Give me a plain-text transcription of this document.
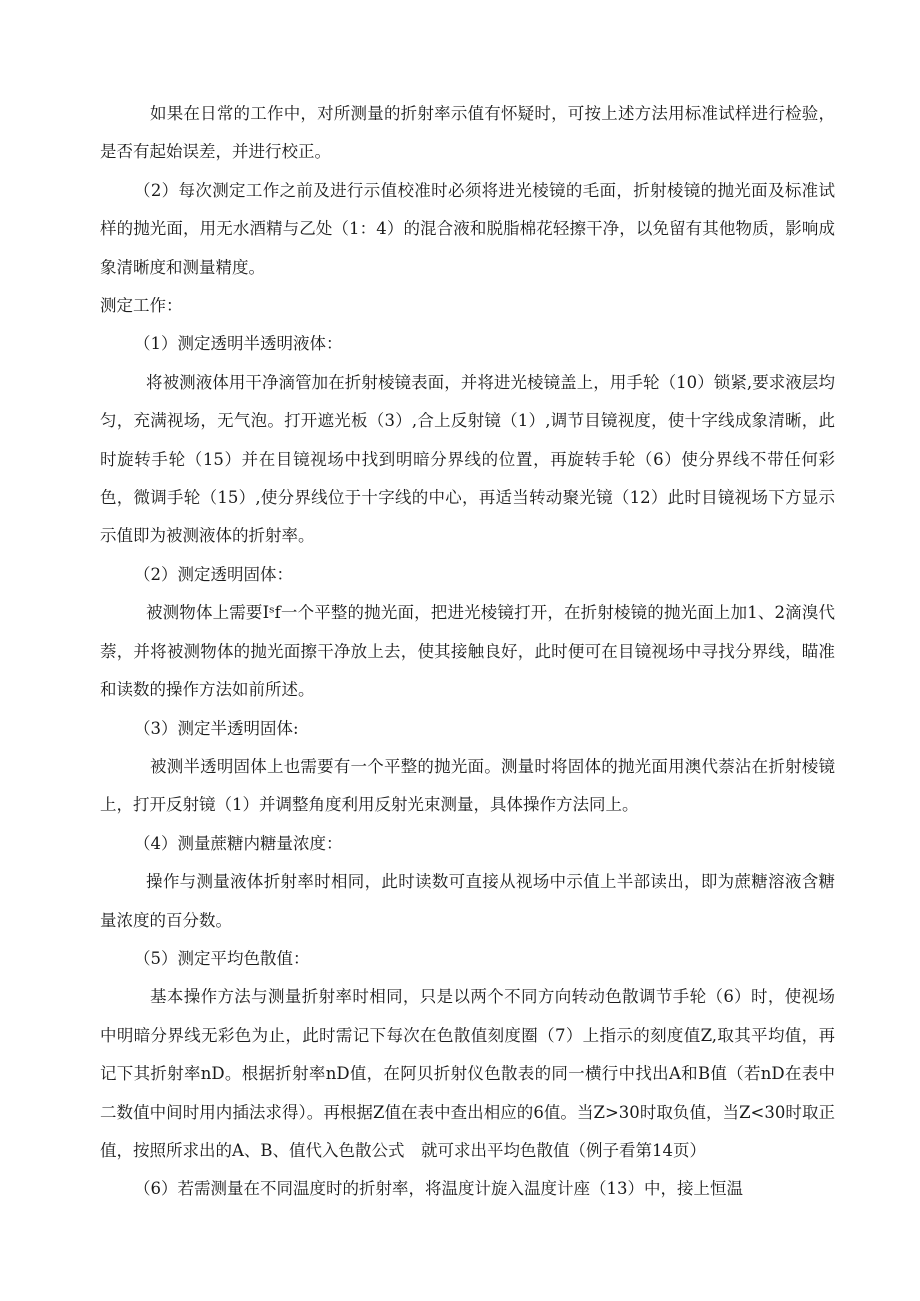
如果在日常的工作中，对所测量的折射率示值有怀疑时，可按上述方法用标准试样进行检验，是否有起始误差，并进行校正。

（2）每次测定工作之前及进行示值校准时必须将进光棱镜的毛面，折射棱镜的抛光面及标准试样的抛光面，用无水酒精与乙处（1：4）的混合液和脱脂棉花轻擦干净，以免留有其他物质，影响成象清晰度和测量精度。

测定工作：

（1）测定透明半透明液体：

将被测液体用干净滴管加在折射棱镜表面，并将进光棱镜盖上，用手轮（10）锁紧,要求液层均匀，充满视场，无气泡。打开遮光板（3）,合上反射镜（1）,调节目镜视度，使十字线成象清晰，此时旋转手轮（15）并在目镜视场中找到明暗分界线的位置，再旋转手轮（6）使分界线不带任何彩色，微调手轮（15）,使分界线位于十字线的中心，再适当转动聚光镜（12）此时目镜视场下方显示示值即为被测液体的折射率。

（2）测定透明固体：

被测物体上需要Iˢf一个平整的抛光面，把进光棱镜打开，在折射棱镜的抛光面上加1、2滴溴代萘，并将被测物体的抛光面擦干净放上去，使其接触良好，此时便可在目镜视场中寻找分界线，瞄准和读数的操作方法如前所述。

（3）测定半透明固体:

被测半透明固体上也需要有一个平整的抛光面。测量时将固体的抛光面用澳代萘沾在折射棱镜上，打开反射镜（1）并调整角度利用反射光束测量，具体操作方法同上。

（4）测量蔗糖内糖量浓度：

操作与测量液体折射率时相同，此时读数可直接从视场中示值上半部读出，即为蔗糖溶液含糖量浓度的百分数。

（5）测定平均色散值：

基本操作方法与测量折射率时相同，只是以两个不同方向转动色散调节手轮（6）时，使视场中明暗分界线无彩色为止，此时需记下每次在色散值刻度圈（7）上指示的刻度值Z,取其平均值，再记下其折射率nD。根据折射率nD值，在阿贝折射仪色散表的同一横行中找出A和B值（若nD在表中二数值中间时用内插法求得）。再根据Z值在表中查出相应的6值。当Z>30时取负值，当Z<30时取正值，按照所求出的A、B、值代入色散公式　就可求出平均色散值（例子看第14页）

（6）若需测量在不同温度时的折射率，将温度计旋入温度计座（13）中，接上恒温
